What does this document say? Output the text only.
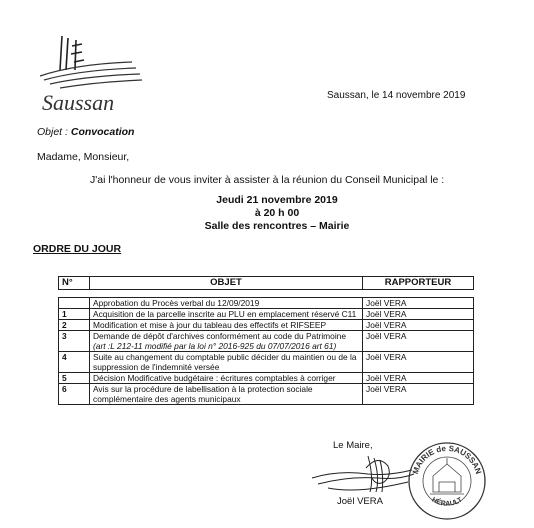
Saussan	Saussan, le 14 novembre 2019
Objet : Convocation
Madame, Monsieur,
J'ai l'honneur de vous inviter à assister à la réunion du Conseil Municipal le :
Jeudi 21 novembre 2019
à 20 h 00
Salle des rencontres – Mairie
ORDRE DU JOUR
N°	OBJET	RAPPORTEUR
	Approbation du Procès verbal du 12/09/2019	Joël VERA
1	Acquisition de la parcelle inscrite au PLU en emplacement réservé C11	Joël VERA
2	Modification et mise à jour du tableau des effectifs et RIFSEEP	Joël VERA
3	Demande de dépôt d'archives conformément au code du Patrimoine (art :L 212-11 modifié par la loi n° 2016-925 du 07/07/2016 art 61)	Joël VERA
4	Suite au changement du comptable public décider du maintien ou de la suppression de l'indemnité versée	Joël VERA
5	Décision Modificative budgétaire : écritures comptables à corriger	Joël VERA
6	Avis sur la procédure de labellisation à la protection sociale complémentaire des agents municipaux	Joël VERA
Le Maire,
Joël VERA
MAIRIE de SAUSSAN
HÉRAULT
